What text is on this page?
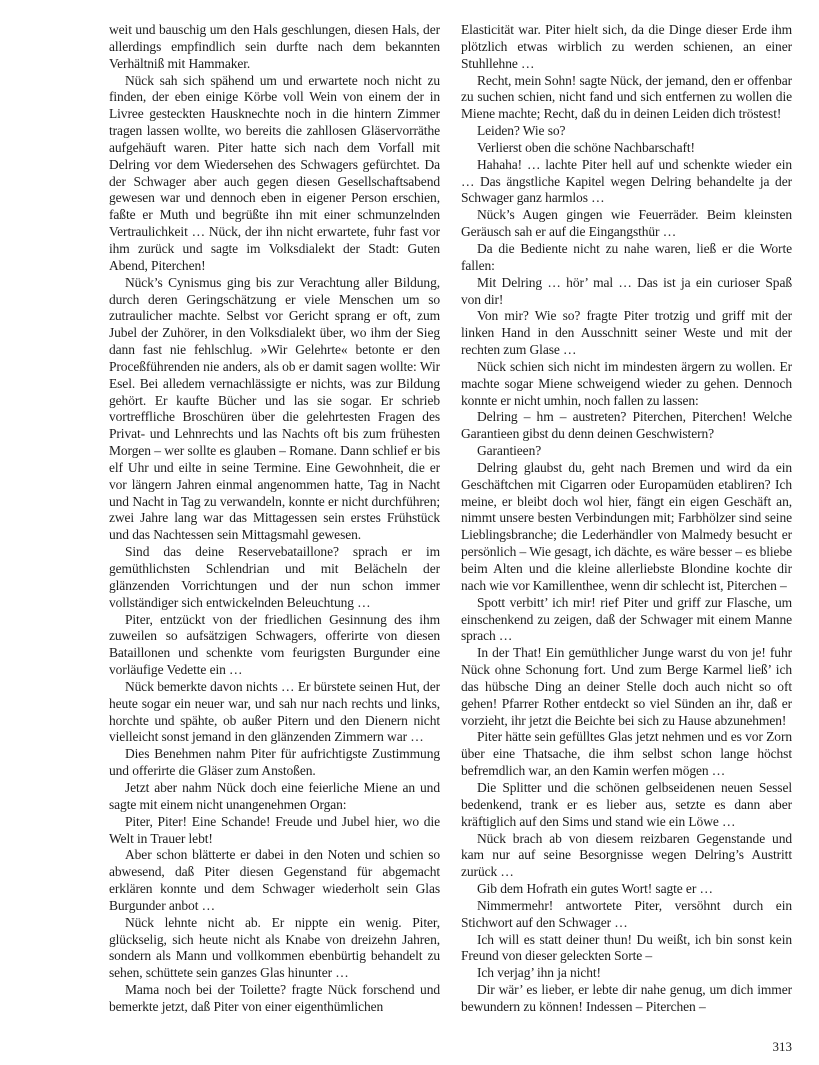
weit und bauschig um den Hals geschlungen, diesen Hals, der allerdings empfindlich sein durfte nach dem bekannten Verhältniß mit Hammaker.

Nück sah sich spähend um und erwartete noch nicht zu finden, der eben einige Körbe voll Wein von einem der in Livree gesteckten Hausknechte noch in die hintern Zimmer tragen lassen wollte, wo bereits die zahllosen Gläservorräthe aufgehäuft waren. Piter hatte sich nach dem Vorfall mit Delring vor dem Wiedersehen des Schwagers gefürchtet. Da der Schwager aber auch gegen diesen Gesellschaftsabend gewesen war und dennoch eben in eigener Person erschien, faßte er Muth und begrüßte ihn mit einer schmunzelnden Vertraulichkeit … Nück, der ihn nicht erwartete, fuhr fast vor ihm zurück und sagte im Volksdialekt der Stadt: Guten Abend, Piterchen!

Nück’s Cynismus ging bis zur Verachtung aller Bildung, durch deren Geringschätzung er viele Menschen um so zutraulicher machte. Selbst vor Gericht sprang er oft, zum Jubel der Zuhörer, in den Volksdialekt über, wo ihm der Sieg dann fast nie fehlschlug. »Wir Gelehrte« betonte er den Proceßführenden nie anders, als ob er damit sagen wollte: Wir Esel. Bei alledem vernachlässigte er nichts, was zur Bildung gehört. Er kaufte Bücher und las sie sogar. Er schrieb vortreffliche Broschüren über die gelehrtesten Fragen des Privat- und Lehnrechts und las Nachts oft bis zum frühesten Morgen – wer sollte es glauben – Romane. Dann schlief er bis elf Uhr und eilte in seine Termine. Eine Gewohnheit, die er vor längern Jahren einmal angenommen hatte, Tag in Nacht und Nacht in Tag zu verwandeln, konnte er nicht durchführen; zwei Jahre lang war das Mittagessen sein erstes Frühstück und das Nachtessen sein Mittagsmahl gewesen.

Sind das deine Reservebataillone? sprach er im gemüthlichsten Schlendrian und mit Belächeln der glänzenden Vorrichtungen und der nun schon immer vollständiger sich entwickelnden Beleuchtung …

Piter, entzückt von der friedlichen Gesinnung des ihm zuweilen so aufsätzigen Schwagers, offerirte von diesen Bataillonen und schenkte vom feurigsten Burgunder eine vorläufige Vedette ein …

Nück bemerkte davon nichts … Er bürstete seinen Hut, der heute sogar ein neuer war, und sah nur nach rechts und links, horchte und spähte, ob außer Pitern und den Dienern nicht vielleicht sonst jemand in den glänzenden Zimmern war …

Dies Benehmen nahm Piter für aufrichtigste Zustimmung und offerirte die Gläser zum Anstoßen.

Jetzt aber nahm Nück doch eine feierliche Miene an und sagte mit einem nicht unangenehmen Organ:

Piter, Piter! Eine Schande! Freude und Jubel hier, wo die Welt in Trauer lebt!

Aber schon blätterte er dabei in den Noten und schien so abwesend, daß Piter diesen Gegenstand für abgemacht erklären konnte und dem Schwager wiederholt sein Glas Burgunder anbot …

Nück lehnte nicht ab. Er nippte ein wenig. Piter, glückselig, sich heute nicht als Knabe von dreizehn Jahren, sondern als Mann und vollkommen ebenbürtig behandelt zu sehen, schüttete sein ganzes Glas hinunter …

Mama noch bei der Toilette? fragte Nück forschend und bemerkte jetzt, daß Piter von einer eigenthümlichen

Elasticität war. Piter hielt sich, da die Dinge dieser Erde ihm plötzlich etwas wirblich zu werden schienen, an einer Stuhllehne …

Recht, mein Sohn! sagte Nück, der jemand, den er offenbar zu suchen schien, nicht fand und sich entfernen zu wollen die Miene machte; Recht, daß du in deinen Leiden dich tröstest!

Leiden? Wie so?

Verlierst oben die schöne Nachbarschaft!

Hahaha! … lachte Piter hell auf und schenkte wieder ein … Das ängstliche Kapitel wegen Delring behandelte ja der Schwager ganz harmlos …

Nück’s Augen gingen wie Feuerräder. Beim kleinsten Geräusch sah er auf die Eingangsthür …

Da die Bediente nicht zu nahe waren, ließ er die Worte fallen:

Mit Delring … hör’ mal … Das ist ja ein curioser Spaß von dir!

Von mir? Wie so? fragte Piter trotzig und griff mit der linken Hand in den Ausschnitt seiner Weste und mit der rechten zum Glase …

Nück schien sich nicht im mindesten ärgern zu wollen. Er machte sogar Miene schweigend wieder zu gehen. Dennoch konnte er nicht umhin, noch fallen zu lassen:

Delring – hm – austreten? Piterchen, Piterchen! Welche Garantieen gibst du denn deinen Geschwistern?

Garantieen?

Delring glaubst du, geht nach Bremen und wird da ein Geschäftchen mit Cigarren oder Europamüden etabliren? Ich meine, er bleibt doch wol hier, fängt ein eigen Geschäft an, nimmt unsere besten Verbindungen mit; Farbhölzer sind seine Lieblingsbranche; die Lederhändler von Malmedy besucht er persönlich – Wie gesagt, ich dächte, es wäre besser – es bliebe beim Alten und die kleine allerliebste Blondine kochte dir nach wie vor Kamillenthee, wenn dir schlecht ist, Piterchen –

Spott verbitt’ ich mir! rief Piter und griff zur Flasche, um einschenkend zu zeigen, daß der Schwager mit einem Manne sprach …

In der That! Ein gemüthlicher Junge warst du von je! fuhr Nück ohne Schonung fort. Und zum Berge Karmel ließ’ ich das hübsche Ding an deiner Stelle doch auch nicht so oft gehen! Pfarrer Rother entdeckt so viel Sünden an ihr, daß er vorzieht, ihr jetzt die Beichte bei sich zu Hause abzunehmen!

Piter hätte sein gefülltes Glas jetzt nehmen und es vor Zorn über eine Thatsache, die ihm selbst schon lange höchst befremdlich war, an den Kamin werfen mögen …

Die Splitter und die schönen gelbseidenen neuen Sessel bedenkend, trank er es lieber aus, setzte es dann aber kräftiglich auf den Sims und stand wie ein Löwe …

Nück brach ab von diesem reizbaren Gegenstande und kam nur auf seine Besorgnisse wegen Delring’s Austritt zurück …

Gib dem Hofrath ein gutes Wort! sagte er …

Nimmermehr! antwortete Piter, versöhnt durch ein Stichwort auf den Schwager …

Ich will es statt deiner thun! Du weißt, ich bin sonst kein Freund von dieser geleckten Sorte –

Ich verjag’ ihn ja nicht!

Dir wär’ es lieber, er lebte dir nahe genug, um dich immer bewundern zu können! Indessen – Piterchen –

313
